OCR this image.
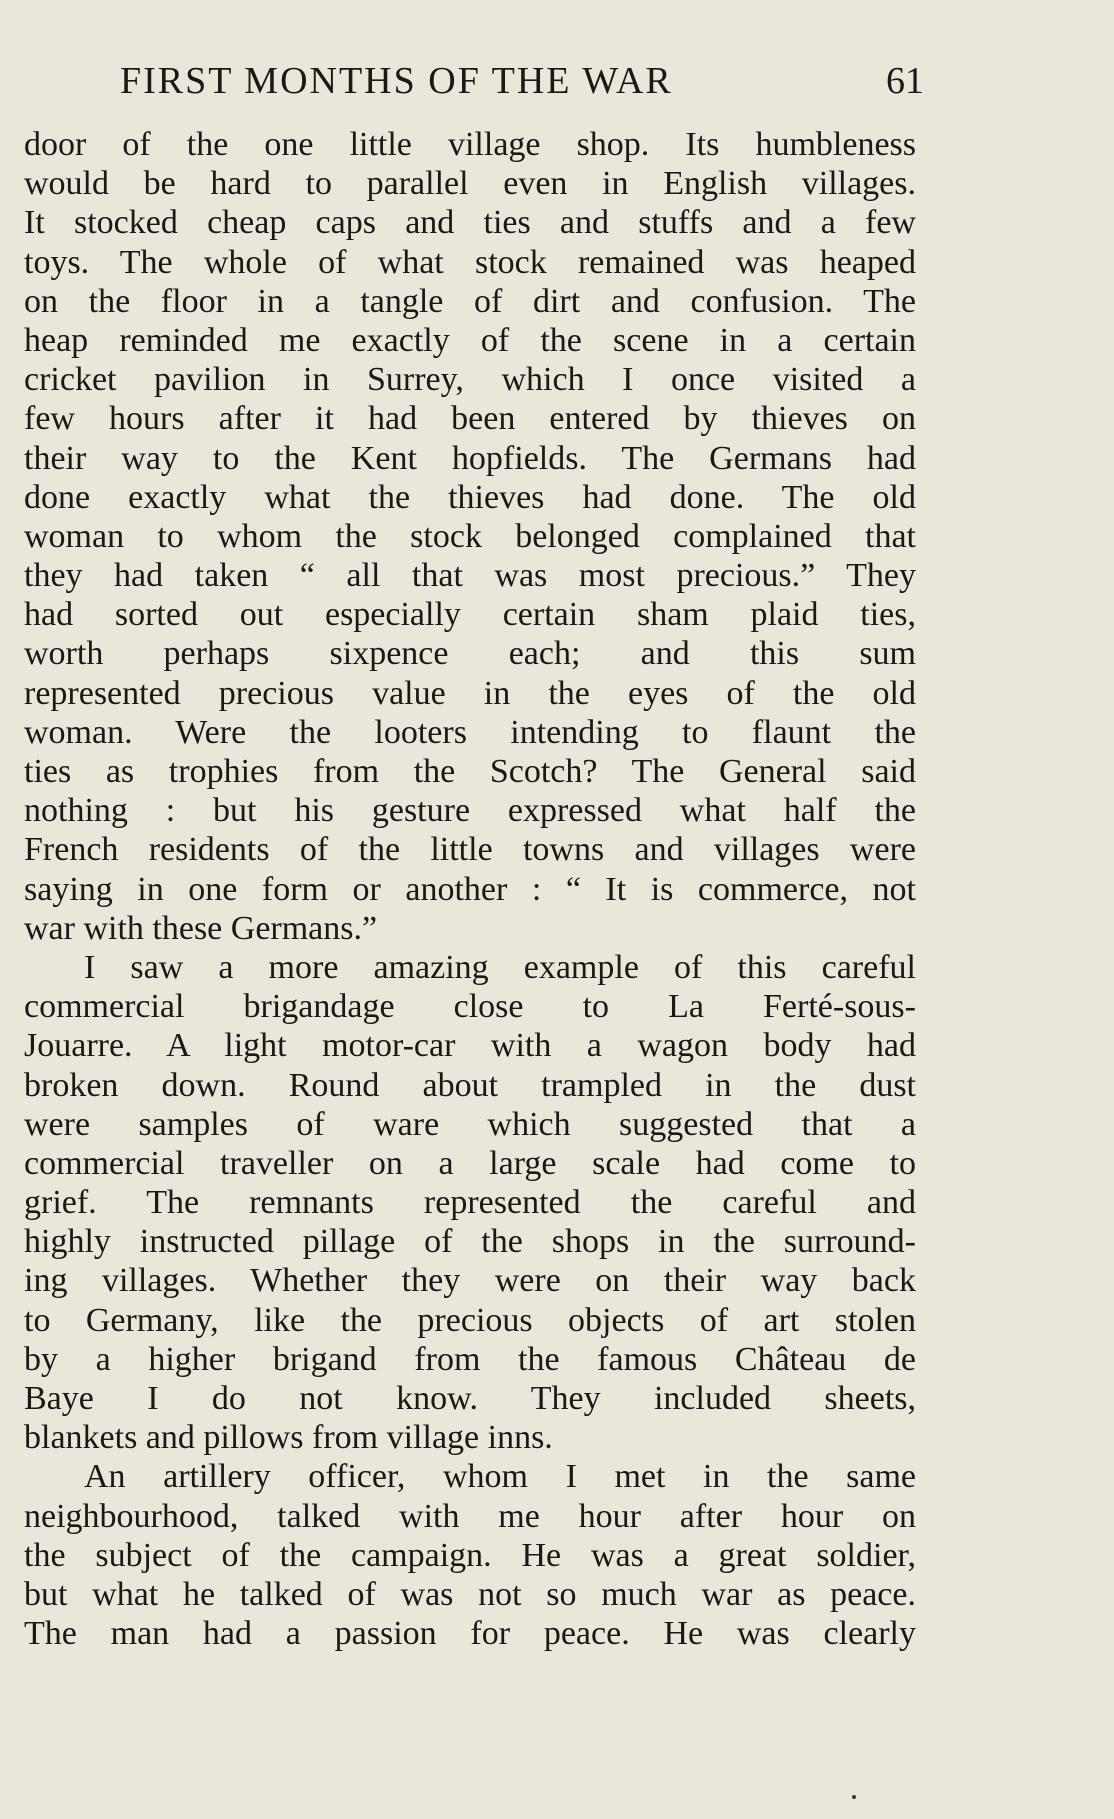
FIRST MONTHS OF THE WAR	61
door of the one little village shop. Its humbleness
would be hard to parallel even in English villages.
It stocked cheap caps and ties and stuffs and a few
toys. The whole of what stock remained was heaped
on the floor in a tangle of dirt and confusion. The
heap reminded me exactly of the scene in a certain
cricket pavilion in Surrey, which I once visited a
few hours after it had been entered by thieves on
their way to the Kent hopfields. The Germans had
done exactly what the thieves had done. The old
woman to whom the stock belonged complained that
they had taken “ all that was most precious.” They
had sorted out especially certain sham plaid ties,
worth perhaps sixpence each; and this sum
represented precious value in the eyes of the old
woman. Were the looters intending to flaunt the
ties as trophies from the Scotch? The General said
nothing : but his gesture expressed what half the
French residents of the little towns and villages were
saying in one form or another : “ It is commerce, not
war with these Germans.”
I saw a more amazing example of this careful
commercial brigandage close to La Ferté-sous-
Jouarre. A light motor-car with a wagon body had
broken down. Round about trampled in the dust
were samples of ware which suggested that a
commercial traveller on a large scale had come to
grief. The remnants represented the careful and
highly instructed pillage of the shops in the surround-
ing villages. Whether they were on their way back
to Germany, like the precious objects of art stolen
by a higher brigand from the famous Château de
Baye I do not know. They included sheets,
blankets and pillows from village inns.
An artillery officer, whom I met in the same
neighbourhood, talked with me hour after hour on
the subject of the campaign. He was a great soldier,
but what he talked of was not so much war as peace.
The man had a passion for peace. He was clearly
